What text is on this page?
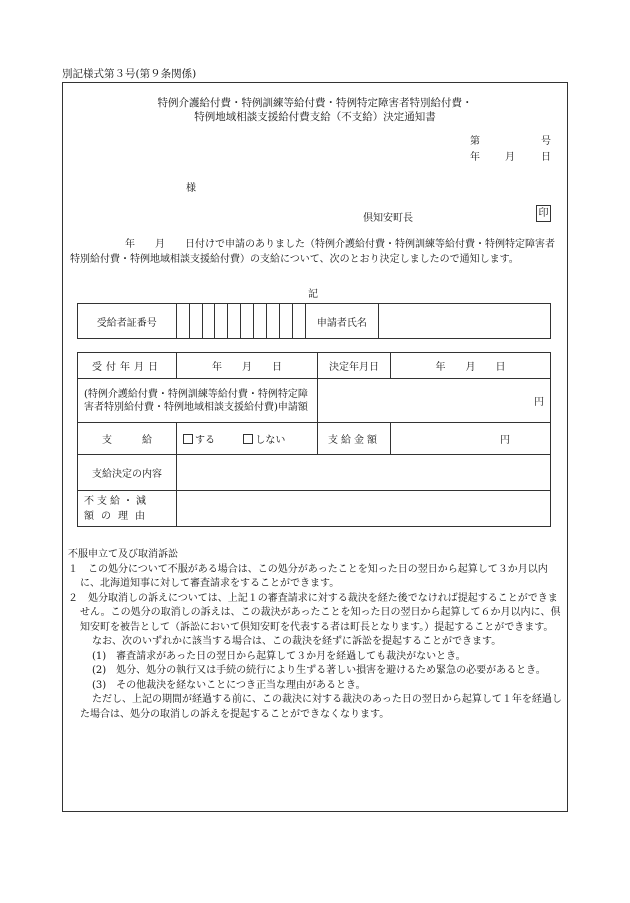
別記様式第３号(第９条関係)
特例介護給付費・特例訓練等給付費・特例特定障害者特別給付費・
特例地域相談支援給付費支給（不支給）決定通知書
第	号
年	月	日
様
倶知安町長	印
年　　月　　日付けで申請のありました（特例介護給付費・特例訓練等給付費・特例特定障害者特別給付費・特例地域相談支援給付費）の支給について、次のとおり決定しましたので通知します。
記
受給者証番号											申請者氏名	
受付年月日	年　　月　　日	決定年月日	年　　月　　日
(特例介護給付費・特例訓練等給付費・特例特定障害者特別給付費・特例地域相談支援給付費)申請額		円	
支　　　給	する しない	支給金額	円
支給決定の内容			

不支給・減
額の理由			

不服申立て及び取消訴訟

１　この処分について不服がある場合は、この処分があったことを知った日の翌日から起算して３か月以内に、北海道知事に対して審査請求をすることができます。

２　処分取消しの訴えについては、上記１の審査請求に対する裁決を経た後でなければ提起することができません。この処分の取消しの訴えは、この裁決があったことを知った日の翌日から起算して６か月以内に、倶知安町を被告として（訴訟において倶知安町を代表する者は町長となります。）提起することができます。

なお、次のいずれかに該当する場合は、この裁決を経ずに訴訟を提起することができます。

(1)　審査請求があった日の翌日から起算して３か月を経過しても裁決がないとき。

(2)　処分、処分の執行又は手続の続行により生ずる著しい損害を避けるため緊急の必要があるとき。

(3)　その他裁決を経ないことにつき正当な理由があるとき。

ただし、上記の期間が経過する前に、この裁決に対する裁決のあった日の翌日から起算して１年を経過した場合は、処分の取消しの訴えを提起することができなくなります。
